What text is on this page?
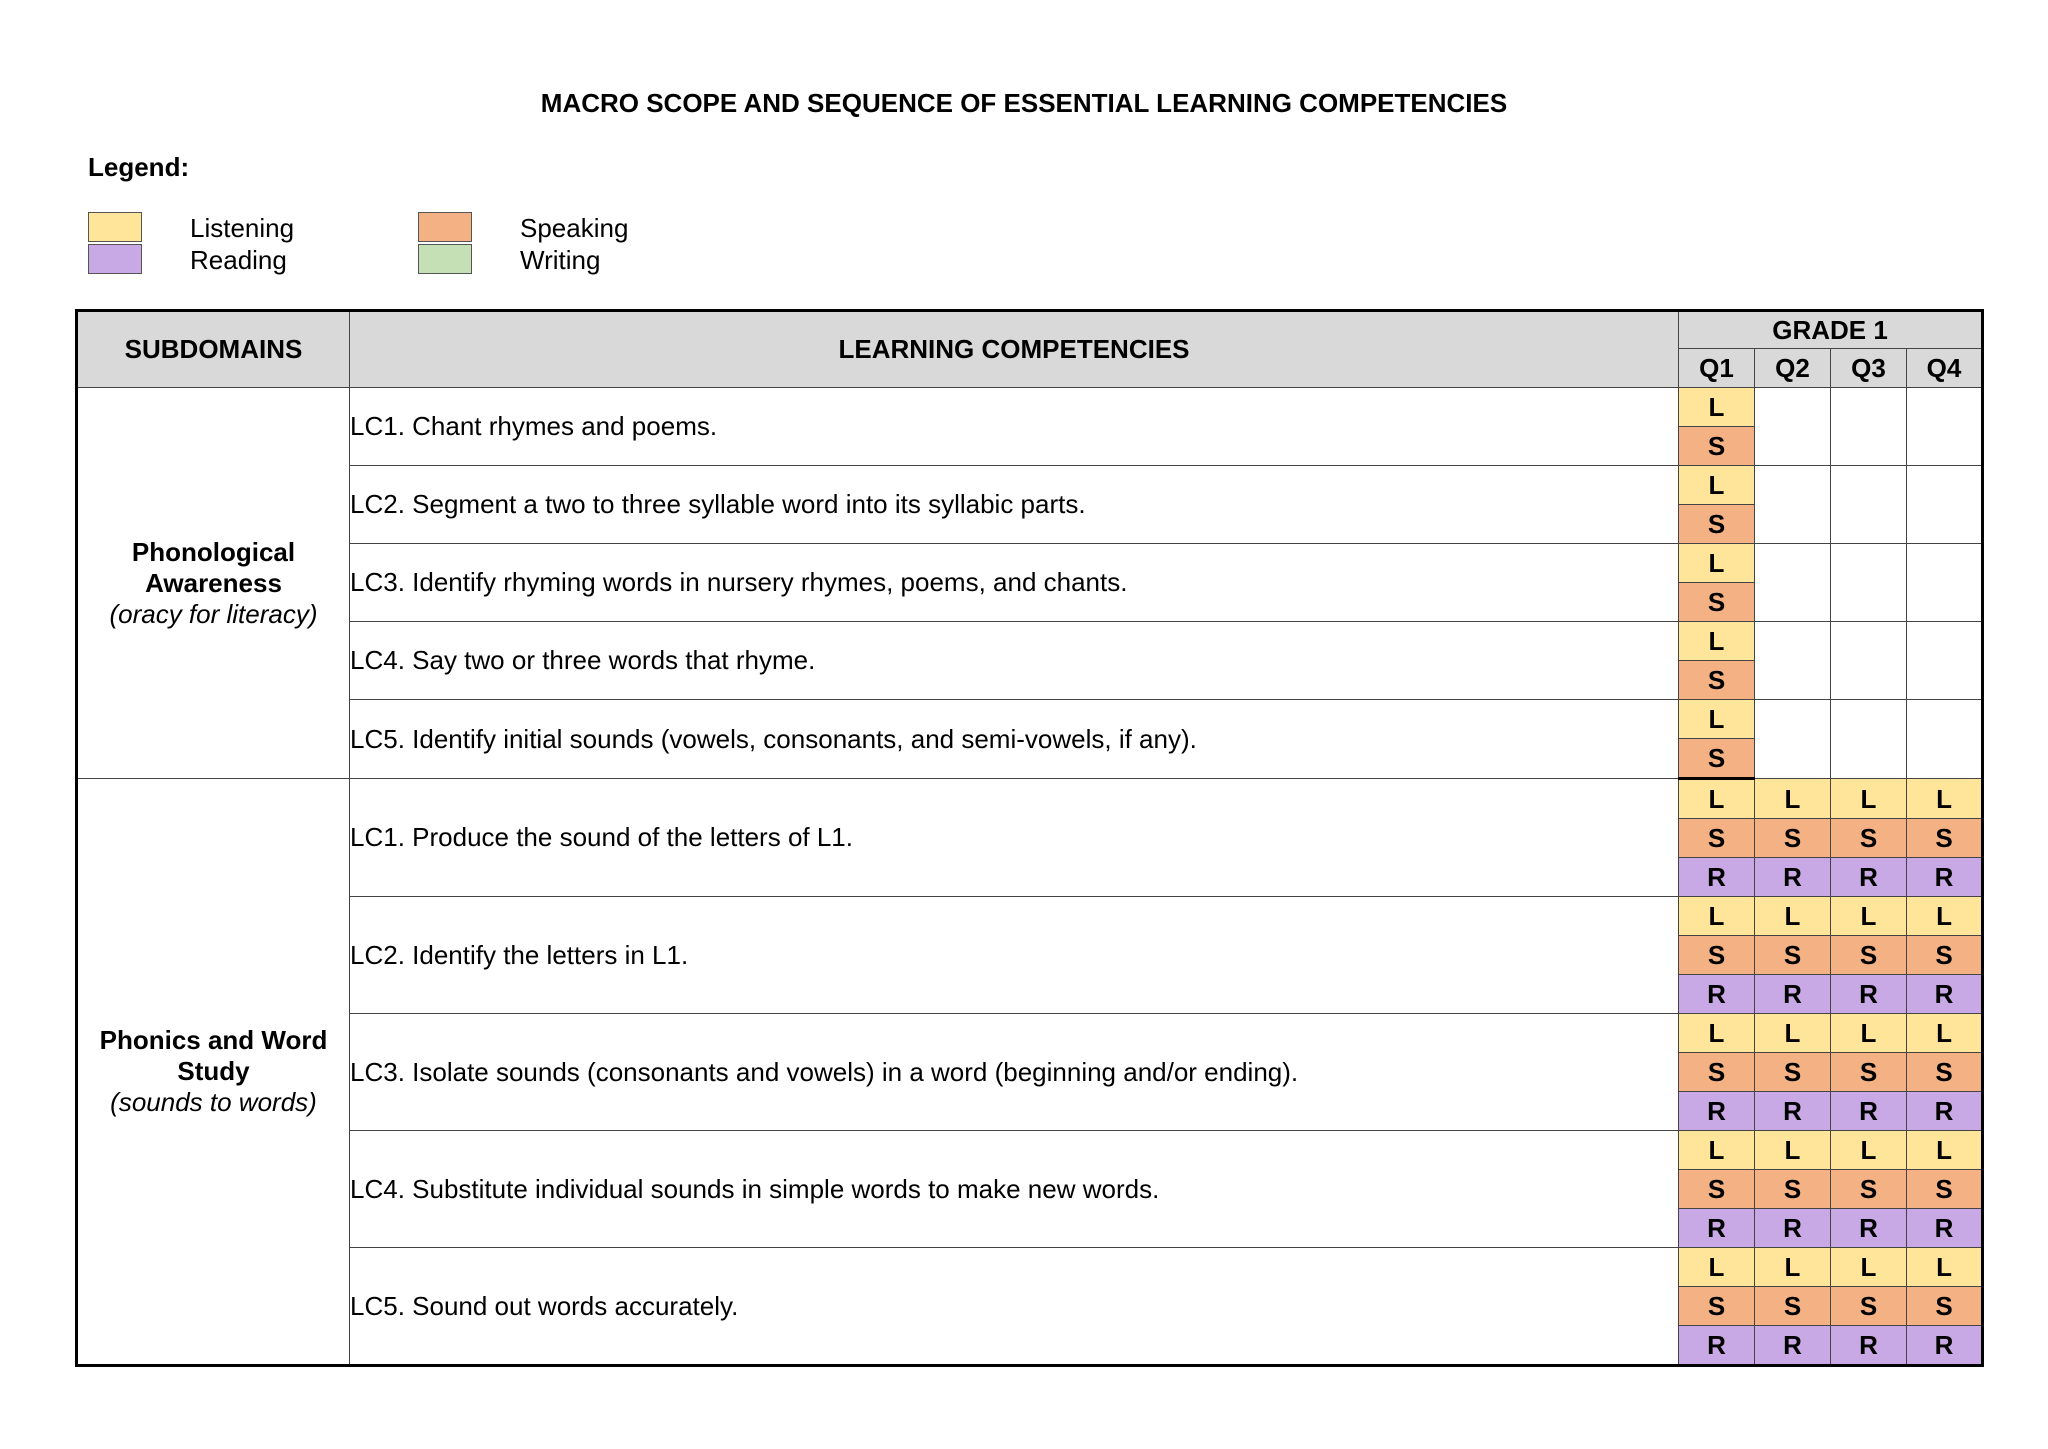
MACRO SCOPE AND SEQUENCE OF ESSENTIAL LEARNING COMPETENCIES
Legend:
Listening
Reading
Speaking
Writing
SUBDOMAINS	LEARNING COMPETENCIES	GRADE 1			
		Q1	Q2	Q3	Q4

Phonological
Awareness
(oracy for literacy)	LC1. Chant rhymes and poems.	L			
		S			
	LC2. Segment a two to three syllable word into its syllabic parts.	L			
		S			
	LC3. Identify rhyming words in nursery rhymes, poems, and chants.	L			
		S			
	LC4. Say two or three words that rhyme.	L			
		S			
	LC5. Identify initial sounds (vowels, consonants, and semi-vowels, if any).	L			
		S			

Phonics and Word
Study
(sounds to words)	LC1. Produce the sound of the letters of L1.	L	L	L	L
		S	S	S	S
		R	R	R	R
	LC2. Identify the letters in L1.	L	L	L	L
		S	S	S	S
		R	R	R	R
	LC3. Isolate sounds (consonants and vowels) in a word (beginning and/or ending).	L	L	L	L
		S	S	S	S
		R	R	R	R
	LC4. Substitute individual sounds in simple words to make new words.	L	L	L	L
		S	S	S	S
		R	R	R	R
	LC5. Sound out words accurately.	L	L	L	L
		S	S	S	S
		R	R	R	R
